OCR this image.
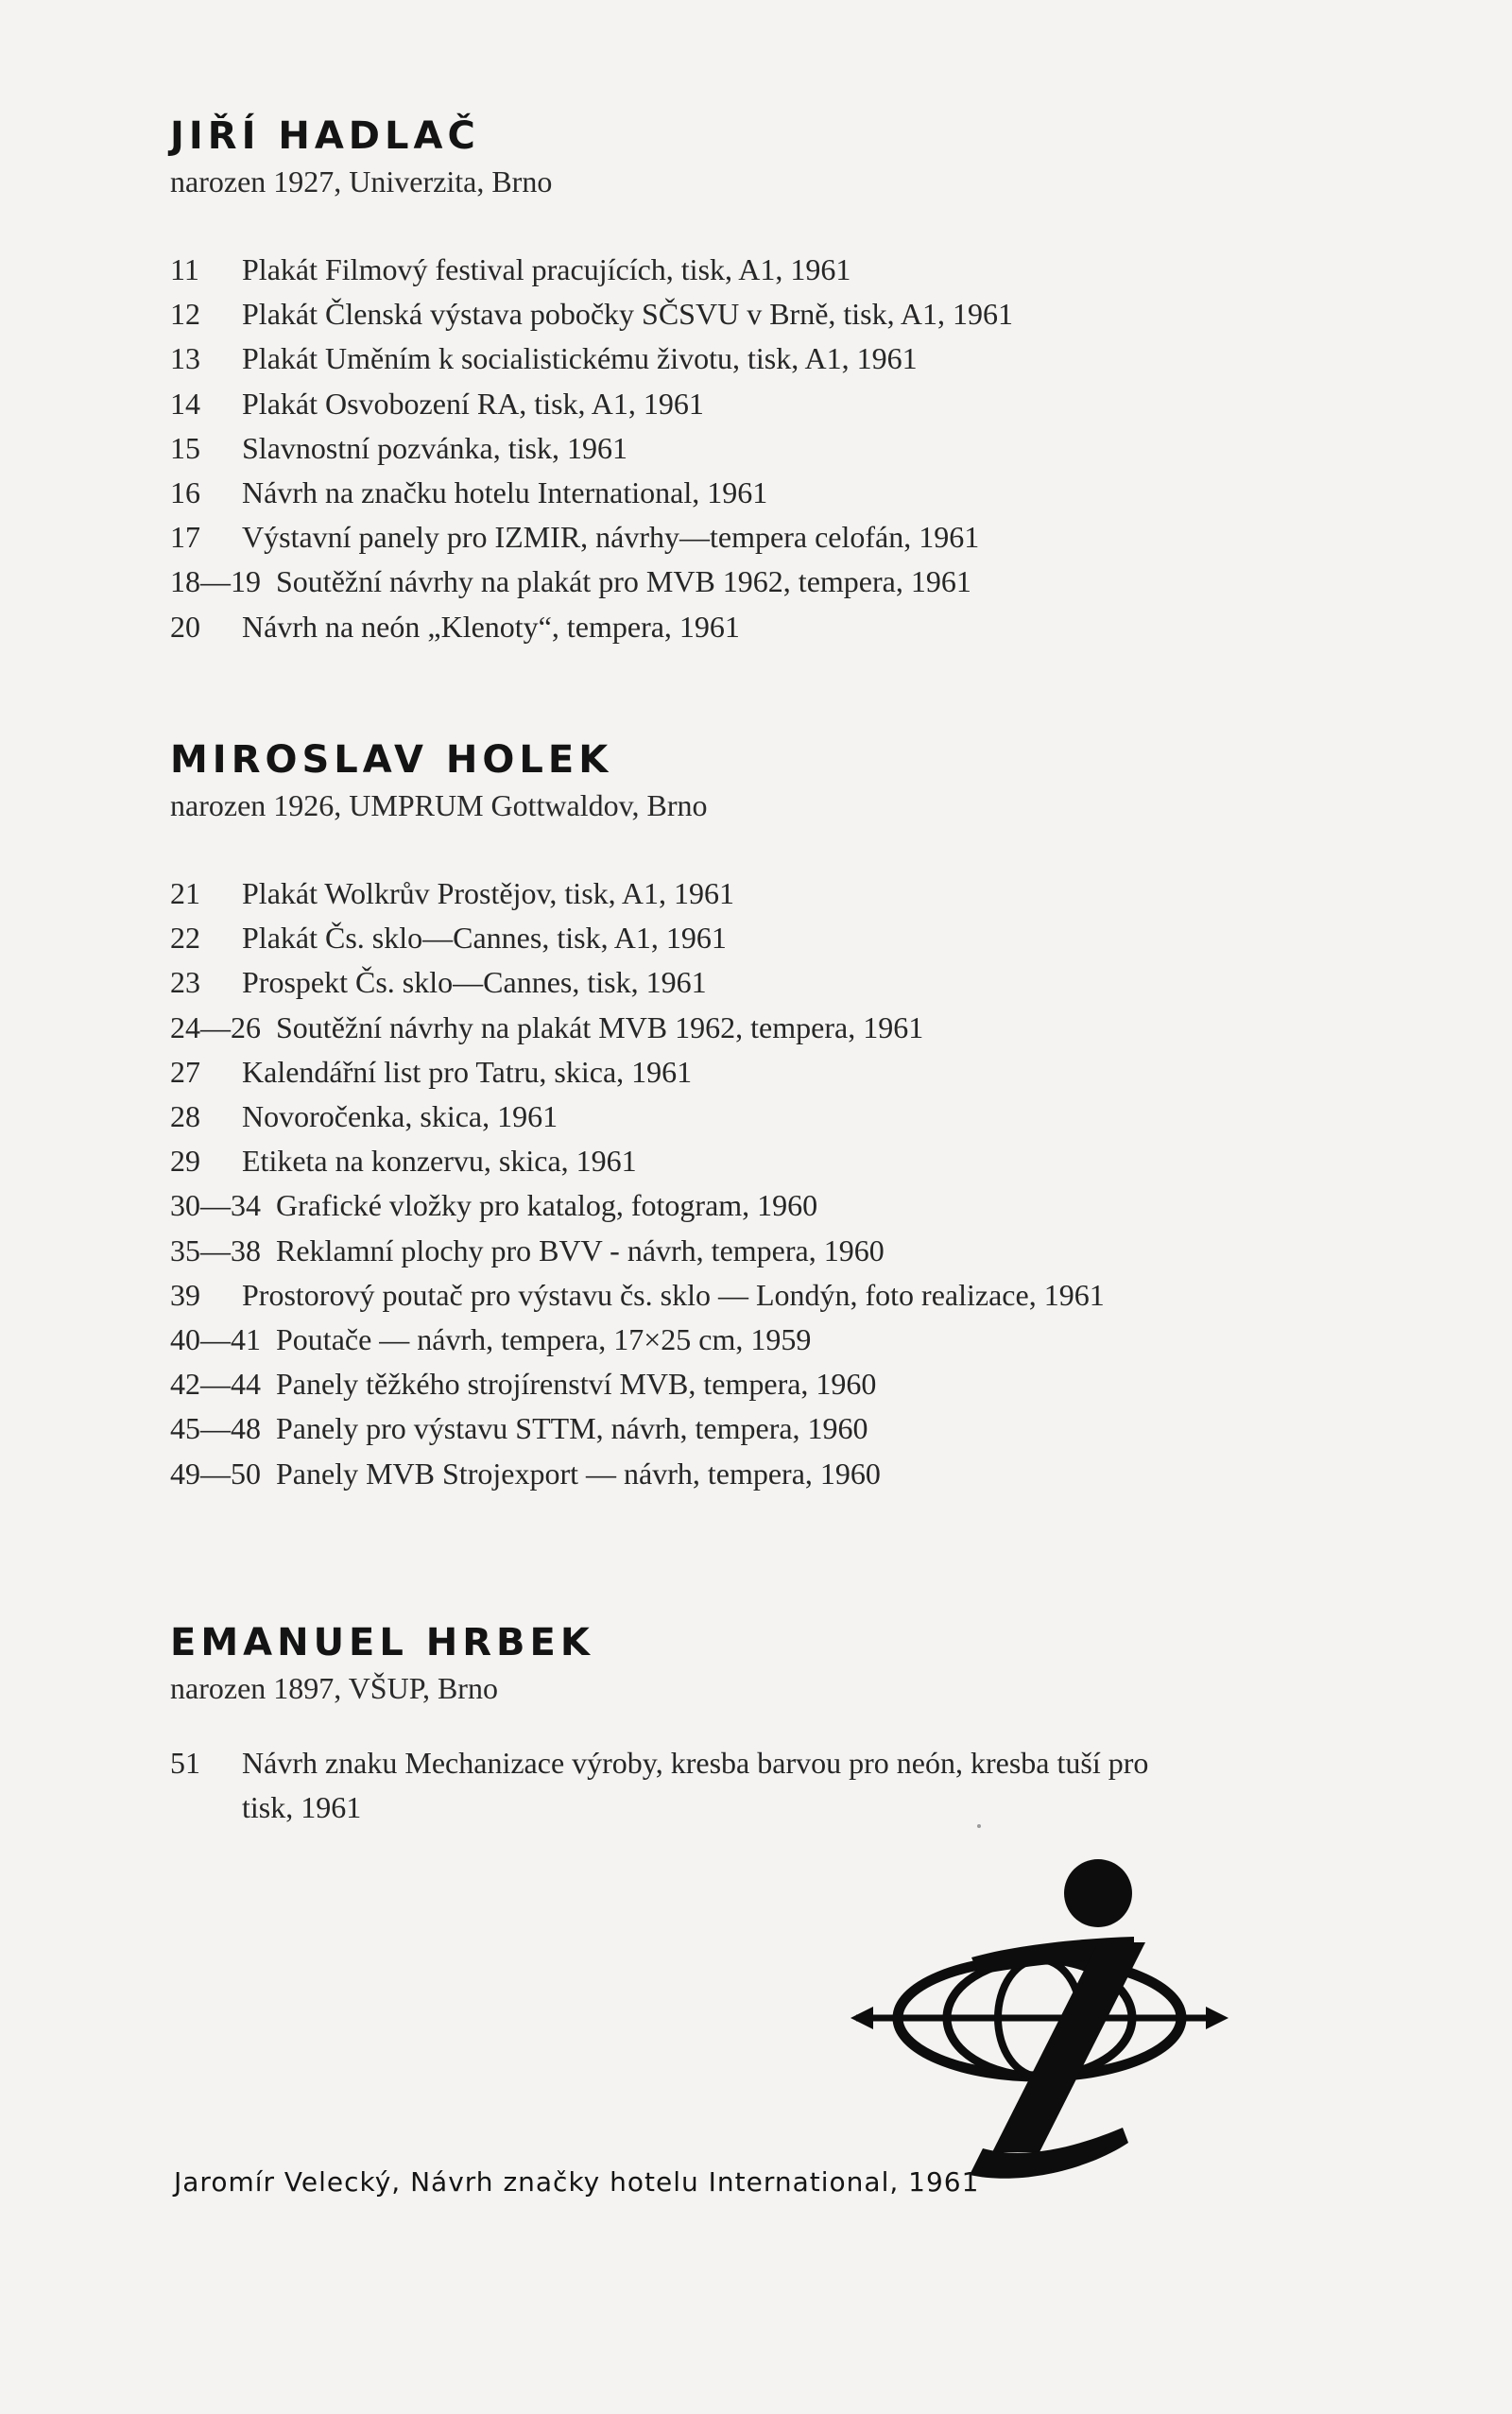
JIŘÍ HADLAČ
narozen 1927, Univerzita, Brno
11 Plakát Filmový festival pracujících, tisk, A1, 1961
12 Plakát Členská výstava pobočky SČSVU v Brně, tisk, A1, 1961
13 Plakát Uměním k socialistickému životu, tisk, A1, 1961
14 Plakát Osvobození RA, tisk, A1, 1961
15 Slavnostní pozvánka, tisk, 1961
16 Návrh na značku hotelu International, 1961
17 Výstavní panely pro IZMIR, návrhy—tempera celofán, 1961
18—19 Soutěžní návrhy na plakát pro MVB 1962, tempera, 1961
20 Návrh na neón „Klenoty“, tempera, 1961
MIROSLAV HOLEK
narozen 1926, UMPRUM Gottwaldov, Brno
21 Plakát Wolkrův Prostějov, tisk, A1, 1961
22 Plakát Čs. sklo—Cannes, tisk, A1, 1961
23 Prospekt Čs. sklo—Cannes, tisk, 1961
24—26 Soutěžní návrhy na plakát MVB 1962, tempera, 1961
27 Kalendářní list pro Tatru, skica, 1961
28 Novoročenka, skica, 1961
29 Etiketa na konzervu, skica, 1961
30—34 Grafické vložky pro katalog, fotogram, 1960
35—38 Reklamní plochy pro BVV - návrh, tempera, 1960
39	Prostorový poutač pro výstavu čs. sklo — Londýn, foto realizace, 1961
40—41 Poutače — návrh, tempera, 17×25 cm, 1959
42—44 Panely těžkého strojírenství MVB, tempera, 1960
45—48 Panely pro výstavu STTM, návrh, tempera, 1960
49—50 Panely MVB Strojexport — návrh, tempera, 1960
EMANUEL HRBEK
narozen 1897, VŠUP, Brno
51	Návrh znaku Mechanizace výroby, kresba barvou pro neón, kresba tuší pro tisk, 1961
Jaromír Velecký, Návrh značky hotelu International, 1961
